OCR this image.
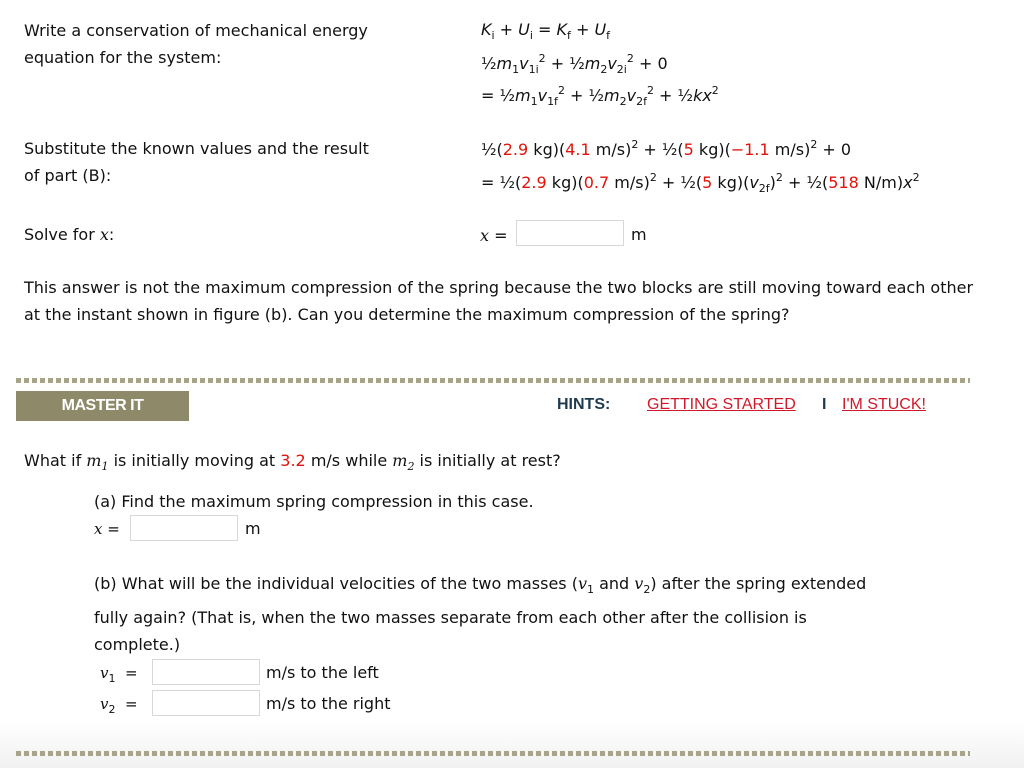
Write a conservation of mechanical energy
equation for the system:
$K_i + U_i = K_f + U_f$
$\frac{1}{2}m_1v_{1i}^2$ + $\frac{1}{2}m_2v_{2i}^2 + 0$
= $\frac{1}{2}m_1v_{1f}^2$ + $\frac{1}{2}m_2v_{2f}^2$ + $\frac{1}{2}kx^2$
Substitute the known values and the result
of part (B):
½(2.9 kg)(4.1 m/s)$^2$ + ½(5 kg)(−1.1 m/s)$^2$ + 0
= ½(2.9 kg)(0.7 m/s)$^2$ + ½(5 $kg)(v_{2f})^2$ + ½(518 $N/m)x^2$
Solve for x:	x =	m
This answer is not the maximum compression of the spring because the two blocks are still moving toward each other at the instant shown in figure (b). Can you determine the maximum compression of the spring?
MASTER IT	HINTS: GETTING STARTED I I'M STUCK!
What if $m_1$ is initially moving at 3.2 m/s while $m_2$ is initially at rest?
(a) Find the maximum spring compression in this case.
x =	m
(b) What will be the individual velocities of the two masses ($v_1$ and $v_2$) after the spring extended
fully again? (That is, when the two masses separate from each other after the collision is
complete.)
$v_1$  =	m/s to the left
$v_2$  =	m/s to the right
